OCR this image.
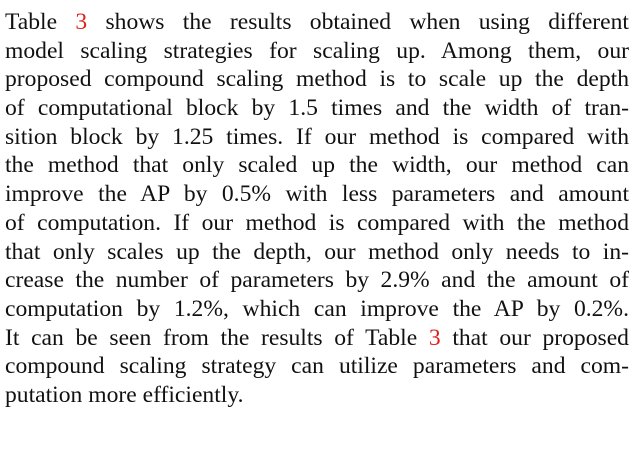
Table 3 shows the results obtained when using different
model scaling strategies for scaling up. Among them, our
proposed compound scaling method is to scale up the depth
of computational block by 1.5 times and the width of tran-
sition block by 1.25 times. If our method is compared with
the method that only scaled up the width, our method can
improve the AP by 0.5% with less parameters and amount
of computation. If our method is compared with the method
that only scales up the depth, our method only needs to in-
crease the number of parameters by 2.9% and the amount of
computation by 1.2%, which can improve the AP by 0.2%.
It can be seen from the results of Table 3 that our proposed
compound scaling strategy can utilize parameters and com-
putation more efficiently.
